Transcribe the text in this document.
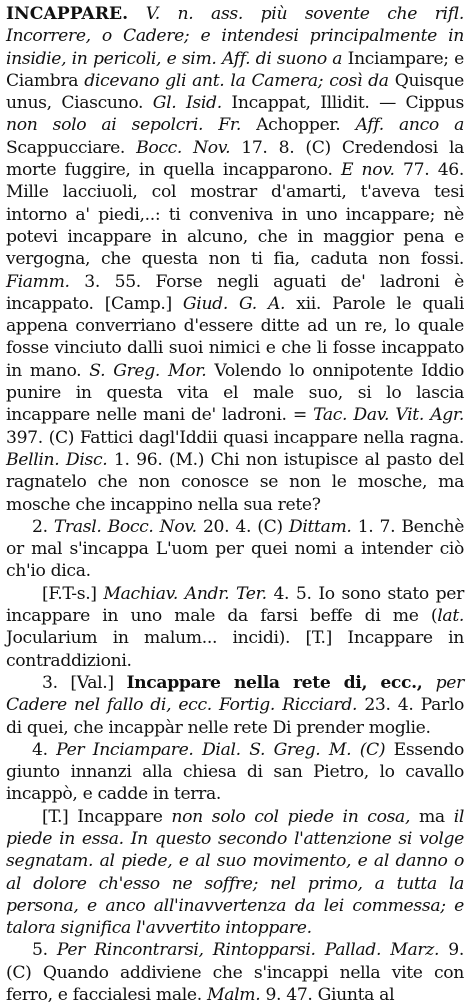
INCAPPARE. V. n. ass. più sovente che rifl. Incorrere, o Cadere; e intendesi principalmente in insidie, in pericoli, e sim. Aff. di suono a Inciampare; e Ciambra dicevano gli ant. la Camera; così da Quisque unus, Ciascuno. Gl. Isid. Incappat, Illidit. — Cippus non solo ai sepolcri. Fr. Achopper. Aff. anco a Scappucciare. Bocc. Nov. 17. 8. (C) Credendosi la morte fuggire, in quella incapparono. E nov. 77. 46. Mille lacciuoli, col mostrar d'amarti, t'aveva tesi intorno a' piedi,..: ti conveniva in uno incappare; nè potevi incappare in alcuno, che in maggior pena e vergogna, che questa non ti fia, caduta non fossi. Fiamm. 3. 55. Forse negli aguati de' ladroni è incappato. [Camp.] Giud. G. A. xii. Parole le quali appena converriano d'essere ditte ad un re, lo quale fosse vinciuto dalli suoi nimici e che li fosse incappato in mano. S. Greg. Mor. Volendo lo onnipotente Iddio punire in questa vita el male suo, si lo lascia incappare nelle mani de' ladroni. = Tac. Dav. Vit. Agr. 397. (C) Fattici dagl'Iddii quasi incappare nella ragna. Bellin. Disc. 1. 96. (M.) Chi non istupisce al pasto del ragnatelo che non conosce se non le mosche, ma mosche che incappino nella sua rete?

2. Trasl. Bocc. Nov. 20. 4. (C) Dittam. 1. 7. Benchè or mal s'incappa L'uom per quei nomi a intender ciò ch'io dica.

[F.T-s.] Machiav. Andr. Ter. 4. 5. Io sono stato per incappare in uno male da farsi beffe di me (lat. Jocularium in malum... incidi). [T.] Incappare in contraddizioni.

3. [Val.] Incappare nella rete di, ecc., per Cadere nel fallo di, ecc. Fortig. Ricciard. 23. 4. Parlo di quei, che incappàr nelle rete Di prender moglie.

4. Per Inciampare. Dial. S. Greg. M. (C) Essendo giunto innanzi alla chiesa di san Pietro, lo cavallo incappò, e cadde in terra.

[T.] Incappare non solo col piede in cosa, ma il piede in essa. In questo secondo l'attenzione si volge segnatam. al piede, e al suo movimento, e al danno o al dolore ch'esso ne soffre; nel primo, a tutta la persona, e anco all'inavvertenza da lei commessa; e talora significa l'avvertito intoppare.

5. Per Rincontrarsi, Rintopparsi. Pallad. Marz. 9. (C) Quando addiviene che s'incappi nella vite con ferro, e faccialesi male. Malm. 9. 47. Giunta al
